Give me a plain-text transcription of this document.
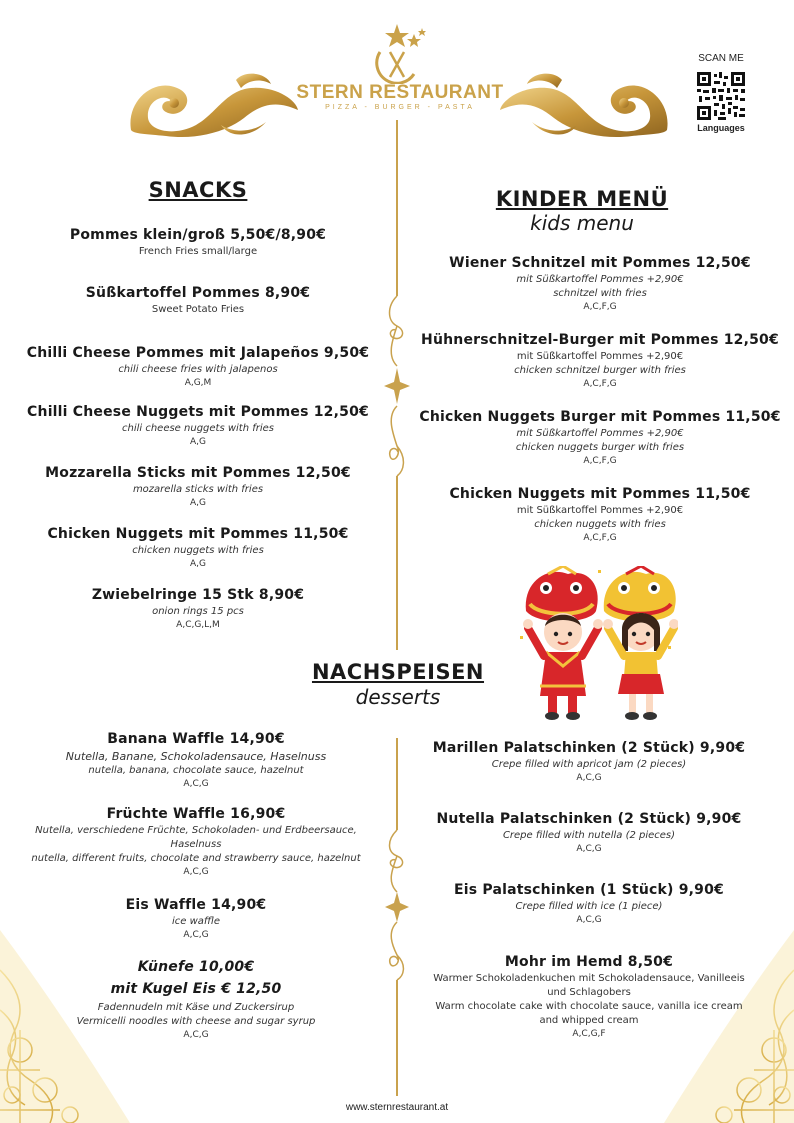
STERN RESTAURANT
PIZZA - BURGER - PASTA
SCAN ME
Languages
SNACKS
Pommes klein/groß 5,50€/8,90€
French Fries small/large
Süßkartoffel Pommes 8,90€
Sweet Potato Fries
Chilli Cheese Pommes mit Jalapeños 9,50€
chili cheese fries with jalapenos
A,G,M
Chilli Cheese Nuggets mit Pommes 12,50€
chili cheese nuggets with fries
A,G
Mozzarella Sticks mit Pommes 12,50€
mozarella sticks with fries
A,G
Chicken Nuggets mit Pommes 11,50€
chicken nuggets with fries
A,G
Zwiebelringe 15 Stk 8,90€
onion rings 15 pcs
A,C,G,L,M
KINDER MENÜ
kids menu
Wiener Schnitzel mit Pommes 12,50€
mit Süßkartoffel Pommes +2,90€
schnitzel with fries
A,C,F,G
Hühnerschnitzel-Burger mit Pommes 12,50€
mit Süßkartoffel Pommes +2,90€
chicken schnitzel burger with fries
A,C,F,G
Chicken Nuggets Burger mit Pommes 11,50€
mit Süßkartoffel Pommes +2,90€
chicken nuggets burger with fries
A,C,F,G
Chicken Nuggets mit Pommes 11,50€
mit Süßkartoffel Pommes +2,90€
chicken nuggets with fries
A,C,F,G
NACHSPEISEN
desserts
Banana Waffle 14,90€
Nutella, Banane, Schokoladensauce, Haselnuss
nutella, banana, chocolate sauce, hazelnut
A,C,G
Früchte Waffle 16,90€
Nutella, verschiedene Früchte, Schokoladen- und Erdbeersauce,
Haselnuss
nutella, different fruits, chocolate and strawberry sauce, hazelnut
A,C,G
Eis Waffle 14,90€
ice waffle
A,C,G
Künefe 10,00€
mit Kugel Eis € 12,50
Fadennudeln mit Käse und Zuckersirup
Vermicelli noodles with cheese and sugar syrup
A,C,G
Marillen Palatschinken (2 Stück) 9,90€
Crepe filled with apricot jam (2 pieces)
A,C,G
Nutella Palatschinken (2 Stück) 9,90€
Crepe filled with nutella (2 pieces)
A,C,G
Eis Palatschinken (1 Stück) 9,90€
Crepe filled with ice (1 piece)
A,C,G
Mohr im Hemd 8,50€
Warmer Schokoladenkuchen mit Schokoladensauce, Vanilleeis
und Schlagobers
Warm chocolate cake with chocolate sauce, vanilla ice cream
and whipped cream
A,C,G,F
www.sternrestaurant.at
